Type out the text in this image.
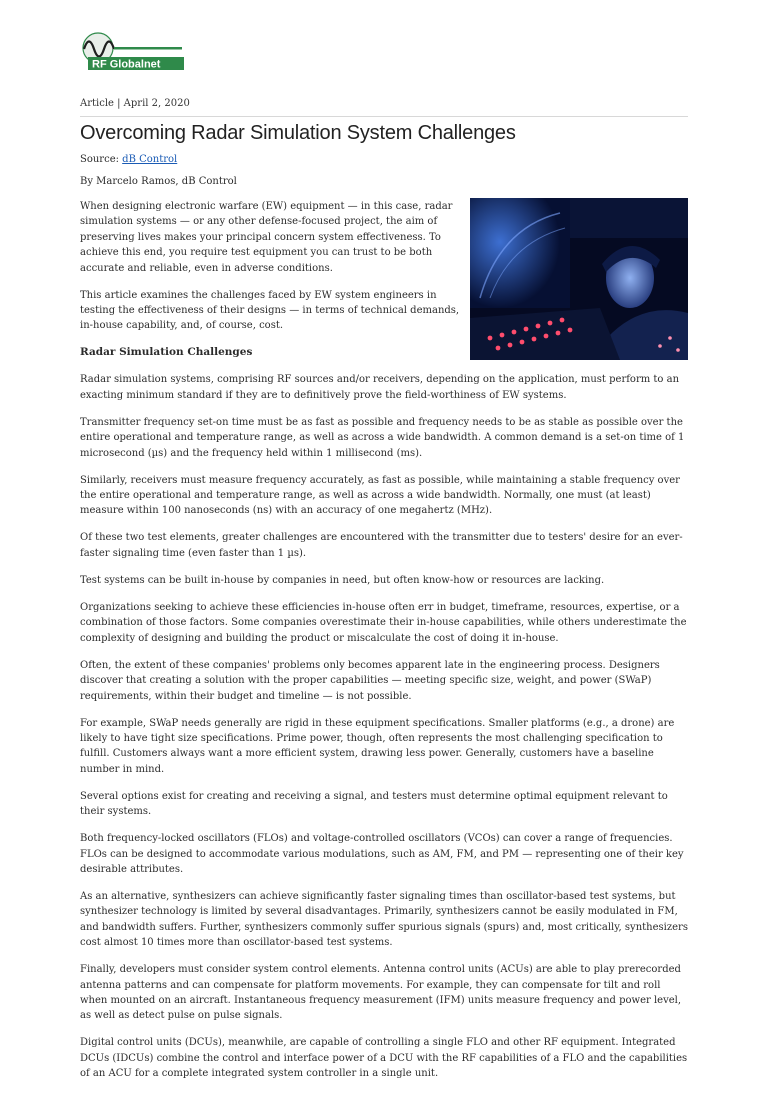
RF Globalnet
Article | April 2, 2020
Overcoming Radar Simulation System Challenges
Source: dB Control
By Marcelo Ramos, dB Control

When designing electronic warfare (EW) equipment — in this case, radar simulation systems — or any other defense-focused project, the aim of preserving lives makes your principal concern system effectiveness. To achieve this end, you require test equipment you can trust to be both accurate and reliable, even in adverse conditions.

This article examines the challenges faced by EW system engineers in testing the effectiveness of their designs — in terms of technical demands, in-house capability, and, of course, cost.

Radar Simulation Challenges

Radar simulation systems, comprising RF sources and/or receivers, depending on the application, must perform to an exacting minimum standard if they are to definitively prove the field-worthiness of EW systems.

Transmitter frequency set-on time must be as fast as possible and frequency needs to be as stable as possible over the entire operational and temperature range, as well as across a wide bandwidth. A common demand is a set-on time of 1 microsecond (µs) and the frequency held within 1 millisecond (ms).

Similarly, receivers must measure frequency accurately, as fast as possible, while maintaining a stable frequency over the entire operational and temperature range, as well as across a wide bandwidth. Normally, one must (at least) measure within 100 nanoseconds (ns) with an accuracy of one megahertz (MHz).

Of these two test elements, greater challenges are encountered with the transmitter due to testers' desire for an ever-faster signaling time (even faster than 1 µs).

Test systems can be built in-house by companies in need, but often know-how or resources are lacking.

Organizations seeking to achieve these efficiencies in-house often err in budget, timeframe, resources, expertise, or a combination of those factors. Some companies overestimate their in-house capabilities, while others underestimate the complexity of designing and building the product or miscalculate the cost of doing it in-house.

Often, the extent of these companies' problems only becomes apparent late in the engineering process. Designers discover that creating a solution with the proper capabilities — meeting specific size, weight, and power (SWaP) requirements, within their budget and timeline — is not possible.

For example, SWaP needs generally are rigid in these equipment specifications. Smaller platforms (e.g., a drone) are likely to have tight size specifications. Prime power, though, often represents the most challenging specification to fulfill. Customers always want a more efficient system, drawing less power. Generally, customers have a baseline number in mind.

Several options exist for creating and receiving a signal, and testers must determine optimal equipment relevant to their systems.

Both frequency-locked oscillators (FLOs) and voltage-controlled oscillators (VCOs) can cover a range of frequencies. FLOs can be designed to accommodate various modulations, such as AM, FM, and PM — representing one of their key desirable attributes.

As an alternative, synthesizers can achieve significantly faster signaling times than oscillator-based test systems, but synthesizer technology is limited by several disadvantages. Primarily, synthesizers cannot be easily modulated in FM, and bandwidth suffers. Further, synthesizers commonly suffer spurious signals (spurs) and, most critically, synthesizers cost almost 10 times more than oscillator-based test systems.

Finally, developers must consider system control elements. Antenna control units (ACUs) are able to play prerecorded antenna patterns and can compensate for platform movements. For example, they can compensate for tilt and roll when mounted on an aircraft. Instantaneous frequency measurement (IFM) units measure frequency and power level, as well as detect pulse on pulse signals.

Digital control units (DCUs), meanwhile, are capable of controlling a single FLO and other RF equipment. Integrated DCUs (IDCUs) combine the control and interface power of a DCU with the RF capabilities of a FLO and the capabilities of an ACU for a complete integrated system controller in a single unit.
